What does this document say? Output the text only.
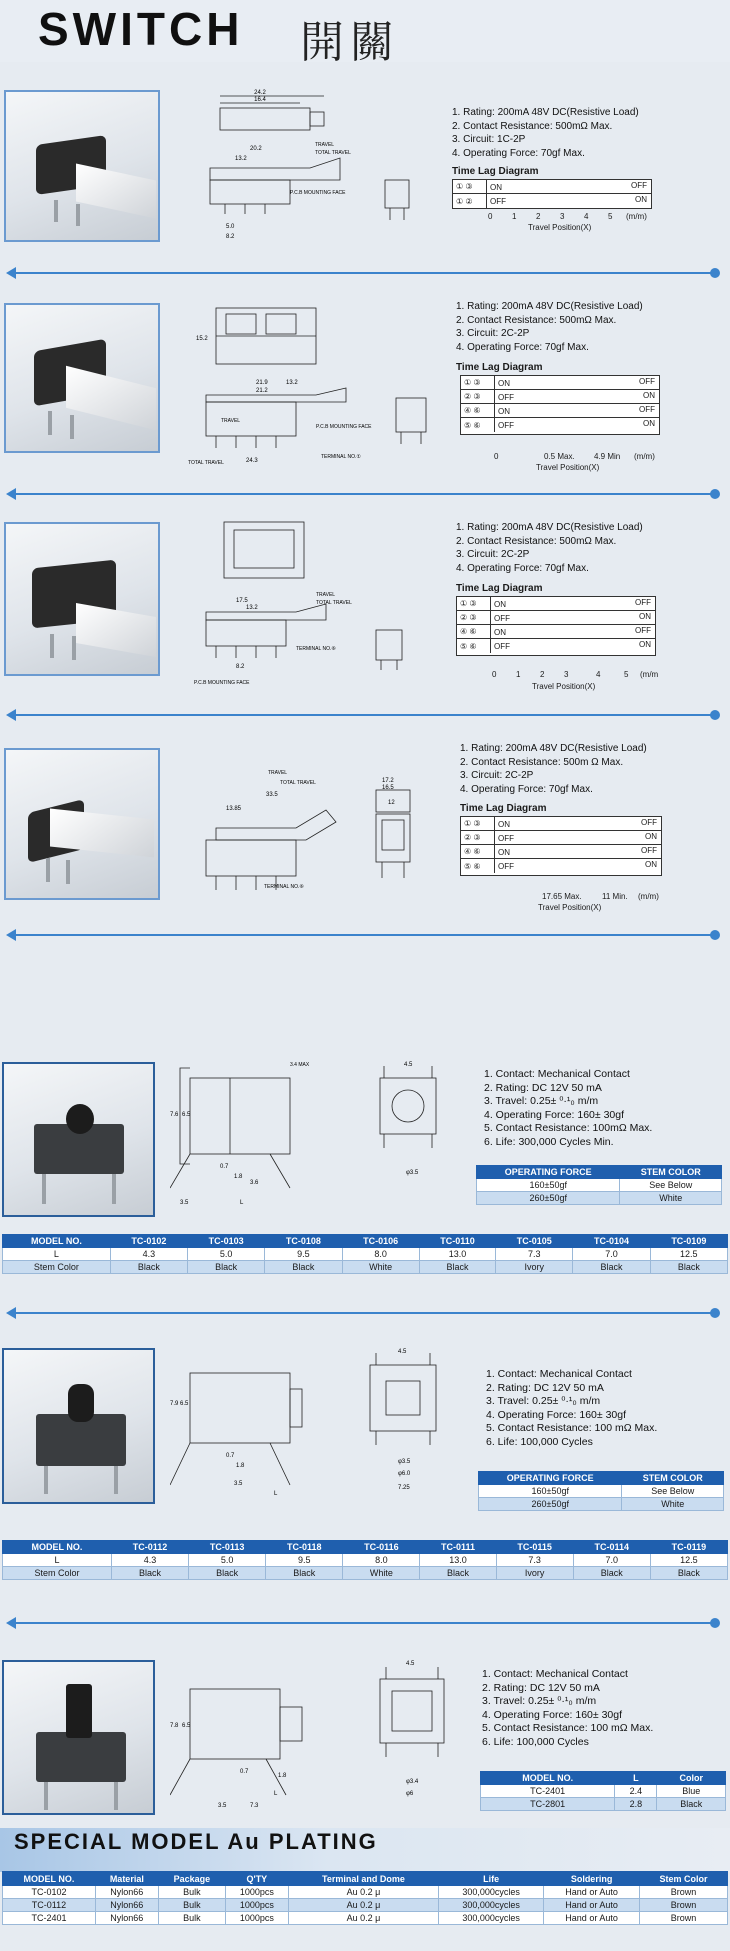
SWITCH 開關
24.2
16.4
20.2
13.2
5.0
8.2
TRAVEL
TOTAL TRAVEL
P.C.B MOUNTING FACE
1. Rating: 200mA 48V DC(Resistive Load)
2. Contact Resistance: 500mΩ Max.
3. Circuit: 1C-2P
4. Operating Force: 70gf Max.
Time Lag Diagram
① ③	ON	OFF
① ②	OFF	ON
0 1 2 3 4 5 (m/m)
Travel Position(X)
21.9	13.2
21.2
15.2
24.3
TRAVEL
TOTAL TRAVEL
TERMINAL NO.①
P.C.B MOUNTING FACE
1. Rating: 200mA 48V DC(Resistive Load)
2. Contact Resistance: 500mΩ Max.
3. Circuit: 2C-2P
4. Operating Force: 70gf Max.
Time Lag Diagram
① ③	ON	OFF
② ③	OFF	ON
④ ⑥	ON	OFF
⑤ ⑥	OFF	ON
0	0.5 Max. 4.9 Min (m/m)
Travel Position(X)
17.5
13.2
8.2
TRAVEL
TOTAL TRAVEL
TERMINAL NO.⑥
P.C.B MOUNTING FACE
1. Rating: 200mA 48V DC(Resistive Load)
2. Contact Resistance: 500mΩ Max.
3. Circuit: 2C-2P
4. Operating Force: 70gf Max.
Time Lag Diagram
① ③	ON	OFF
② ③	OFF	ON
④ ⑥	ON	OFF
⑤ ⑥	OFF	ON
0 1 2 3	4	5 (m/m
Travel Position(X)
33.5
13.85
17.2
16.5
12
TRAVEL
TOTAL TRAVEL
TERMINAL NO.⑥
1. Rating: 200mA 48V DC(Resistive Load)
2. Contact Resistance: 500m Ω Max.
3. Circuit: 2C-2P
4. Operating Force: 70gf Max.
Time Lag Diagram
① ③	ON	OFF
② ③	OFF	ON
④ ⑥	ON	OFF
⑤ ⑥	OFF	ON
17.65 Max.	11 Min. (m/m)
Travel Position(X)
3.4 MAX	4.5
7.6 6.5
3.5
φ3.5
0.7
1.8
3.6
L
1. Contact: Mechanical Contact
2. Rating: DC 12V 50 mA
3. Travel: 0.25± ⁰·¹₀ m/m
4. Operating Force: 160± 30gf
5. Contact Resistance: 100mΩ Max.
6. Life: 300,000 Cycles Min.
OPERATING FORCE	STEM COLOR
160±50gf	See Below
260±50gf	White
MODEL NO.	TC-0102	TC-0103	TC-0108	TC-0106	TC-0110	TC-0105	TC-0104	TC-0109
L	4.3	5.0	9.5	8.0	13.0	7.3	7.0	12.5
Stem Color	Black	Black	Black	White	Black	Ivory	Black	Black
4.5
7.9 6.5
3.5
φ3.5
φ6.0
7.25
0.7
1.8
L
1. Contact: Mechanical Contact
2. Rating: DC 12V 50 mA
3. Travel: 0.25± ⁰·¹₀ m/m
4. Operating Force: 160± 30gf
5. Contact Resistance: 100 mΩ Max.
6. Life: 100,000 Cycles
OPERATING FORCE	STEM COLOR
160±50gf	See Below
260±50gf	White
MODEL NO.	TC-0112	TC-0113	TC-0118	TC-0116	TC-0111	TC-0115	TC-0114	TC-0119
L	4.3	5.0	9.5	8.0	13.0	7.3	7.0	12.5
Stem Color	Black	Black	Black	White	Black	Ivory	Black	Black
4.5
7.8 6.5
3.5	7.3
φ3.4
φ6
0.7
1.8
L
1. Contact: Mechanical Contact
2. Rating: DC 12V 50 mA
3. Travel: 0.25± ⁰·¹₀ m/m
4. Operating Force: 160± 30gf
5. Contact Resistance: 100 mΩ Max.
6. Life: 100,000 Cycles
MODEL NO.	L	Color
TC-2401	2.4	Blue
TC-2801	2.8	Black
SPECIAL MODEL Au PLATING
MODEL NO.	Material	Package	Q'TY	Terminal and Dome	Life	Soldering	Stem Color
TC-0102	Nylon66	Bulk	1000pcs	Au 0.2 μ	300,000cycles	Hand or Auto	Brown
TC-0112	Nylon66	Bulk	1000pcs	Au 0.2 μ	300,000cycles	Hand or Auto	Brown
TC-2401	Nylon66	Bulk	1000pcs	Au 0.2 μ	300,000cycles	Hand or Auto	Brown
